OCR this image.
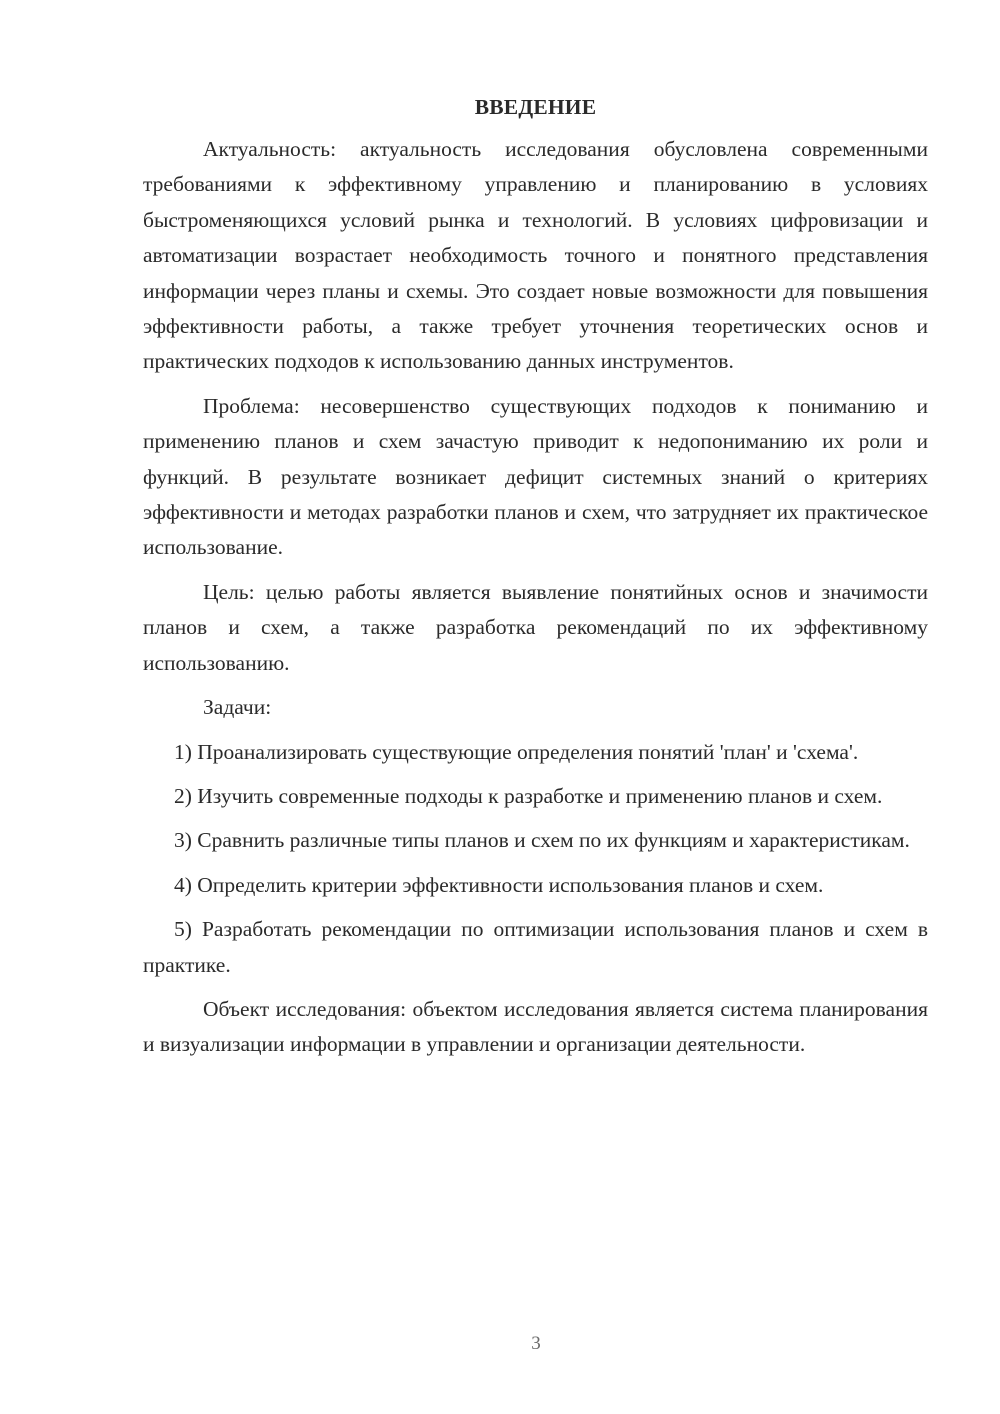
ВВЕДЕНИЕ

Актуальность: актуальность исследования обусловлена современными требованиями к эффективному управлению и планированию в условиях быстроменяющихся условий рынка и технологий. В условиях цифровизации и автоматизации возрастает необходимость точного и понятного представления информации через планы и схемы. Это создает новые возможности для повышения эффективности работы, а также требует уточнения теоретических основ и практических подходов к использованию данных инструментов.

Проблема: несовершенство существующих подходов к пониманию и применению планов и схем зачастую приводит к недопониманию их роли и функций. В результате возникает дефицит системных знаний о критериях эффективности и методах разработки планов и схем, что затрудняет их практическое использование.

Цель: целью работы является выявление понятийных основ и значимости планов и схем, а также разработка рекомендаций по их эффективному использованию.

Задачи:

1) Проанализировать существующие определения понятий 'план' и 'схема'.

2) Изучить современные подходы к разработке и применению планов и схем.

3) Сравнить различные типы планов и схем по их функциям и характеристикам.

4) Определить критерии эффективности использования планов и схем.

5) Разработать рекомендации по оптимизации использования планов и схем в практике.

Объект исследования: объектом исследования является система планирования и визуализации информации в управлении и организации деятельности.

3
